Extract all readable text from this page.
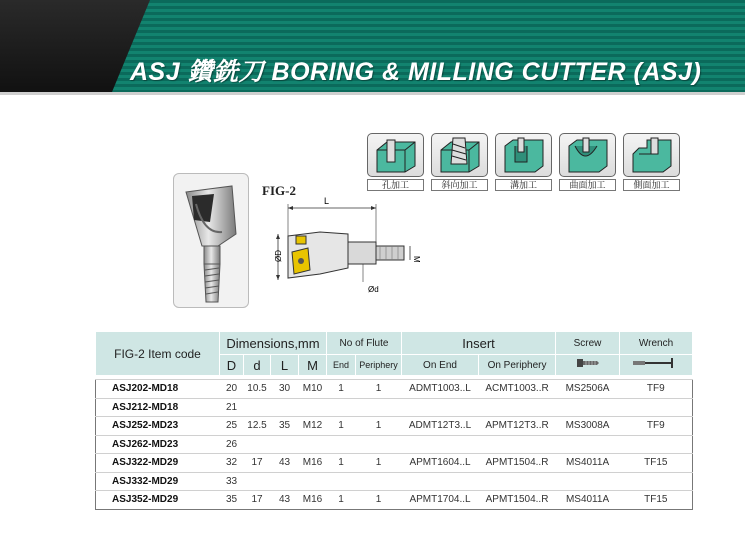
ASJ 鑽銑刀 BORING & MILLING CUTTER (ASJ)
孔加工	斜向加工	溝加工	曲面加工	側面加工
FIG-2
L
ØD	M
Ød
FIG-2 Item code	Dimensions,mm				No of Flute		Insert		Screw	Wrench
	D	d	L	M	End	Periphery	On End	On Periphery		

ASJ202-MD18	20	10.5	30	M10	1	1	ADMT1003..L	ACMT1003..R	MS2506A	TF9
ASJ212-MD18	21									
ASJ252-MD23	25	12.5	35	M12	1	1	ADMT12T3..L	APMT12T3..R	MS3008A	TF9
ASJ262-MD23	26									
ASJ322-MD29	32	17	43	M16	1	1	APMT1604..L	APMT1504..R	MS4011A	TF15
ASJ332-MD29	33									
ASJ352-MD29	35	17	43	M16	1	1	APMT1704..L	APMT1504..R	MS4011A	TF15
